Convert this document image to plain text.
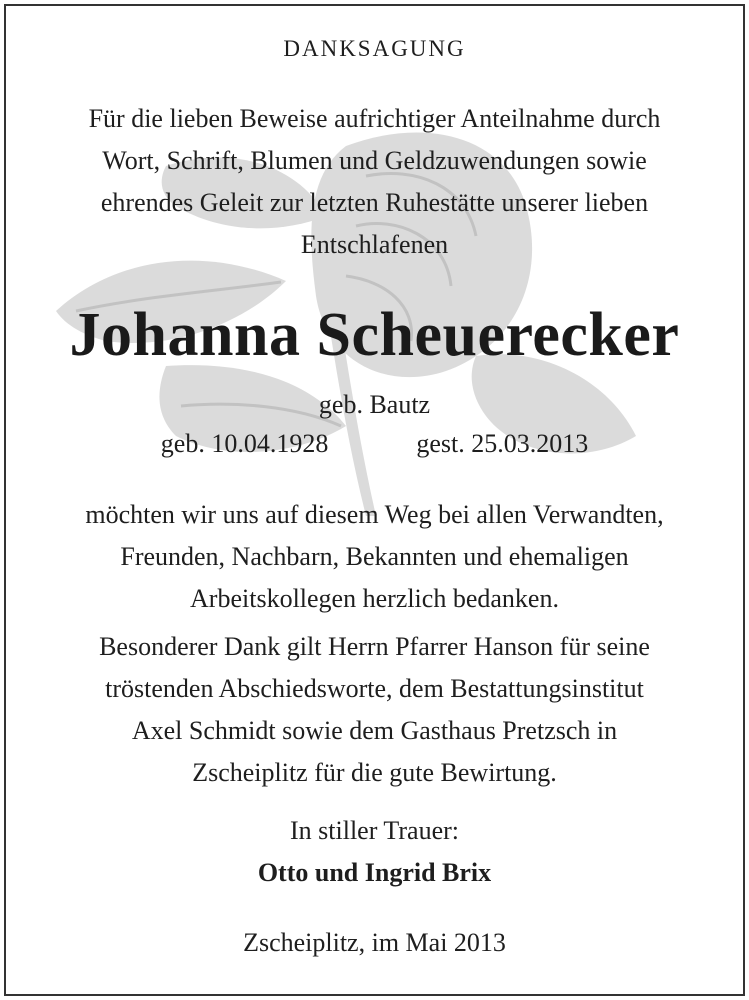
DANKSAGUNG
Für die lieben Beweise aufrichtiger Anteilnahme durch
Wort, Schrift, Blumen und Geldzuwendungen sowie
ehrendes Geleit zur letzten Ruhestätte unserer lieben
Entschlafenen
Johanna Scheuerecker
geb. Bautz
geb. 10.04.1928	gest. 25.03.2013
möchten wir uns auf diesem Weg bei allen Verwandten,
Freunden, Nachbarn, Bekannten und ehemaligen
Arbeitskollegen herzlich bedanken.
Besonderer Dank gilt Herrn Pfarrer Hanson für seine
tröstenden Abschiedsworte, dem Bestattungsinstitut
Axel Schmidt sowie dem Gasthaus Pretzsch in
Zscheiplitz für die gute Bewirtung.
In stiller Trauer:
Otto und Ingrid Brix
Zscheiplitz, im Mai 2013
